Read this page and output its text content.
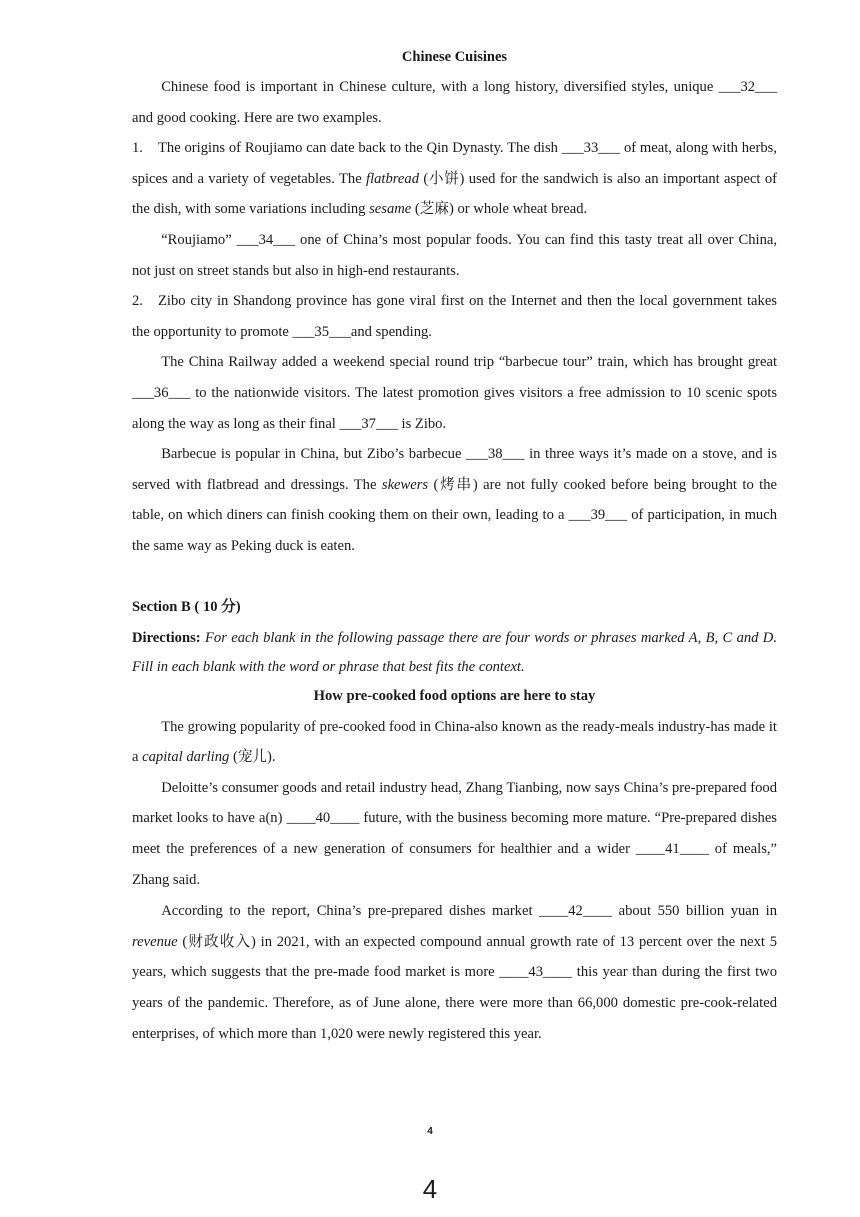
Chinese Cuisines

Chinese food is important in Chinese culture, with a long history, diversified styles, unique ___32___ and good cooking. Here are two examples.

1. The origins of Roujiamo can date back to the Qin Dynasty. The dish ___33___ of meat, along with herbs, spices and a variety of vegetables. The flatbread (小饼) used for the sandwich is also an important aspect of the dish, with some variations including sesame (芝麻) or whole wheat bread.

“Roujiamo” ___34___ one of China’s most popular foods. You can find this tasty treat all over China, not just on street stands but also in high-end restaurants.

2. Zibo city in Shandong province has gone viral first on the Internet and then the local government takes the opportunity to promote ___35___and spending.

The China Railway added a weekend special round trip “barbecue tour” train, which has brought great ___36___ to the nationwide visitors. The latest promotion gives visitors a free admission to 10 scenic spots along the way as long as their final ___37___ is Zibo.

Barbecue is popular in China, but Zibo’s barbecue ___38___ in three ways it’s made on a stove, and is served with flatbread and dressings. The skewers (烤串) are not fully cooked before being brought to the table, on which diners can finish cooking them on their own, leading to a ___39___ of participation, in much the same way as Peking duck is eaten.

Section B ( 10 分)

Directions: For each blank in the following passage there are four words or phrases marked A, B, C and D. Fill in each blank with the word or phrase that best fits the context.

How pre-cooked food options are here to stay

The growing popularity of pre-cooked food in China-also known as the ready-meals industry-has made it a capital darling (宠儿).

Deloitte’s consumer goods and retail industry head, Zhang Tianbing, now says China’s pre-prepared food market looks to have a(n) ____40____ future, with the business becoming more mature. “Pre-prepared dishes meet the preferences of a new generation of consumers for healthier and a wider ____41____ of meals,” Zhang said.

According to the report, China’s pre-prepared dishes market ____42____ about 550 billion yuan in revenue (财政收入) in 2021, with an expected compound annual growth rate of 13 percent over the next 5 years, which suggests that the pre-made food market is more ____43____ this year than during the first two years of the pandemic. Therefore, as of June alone, there were more than 66,000 domestic pre-cook-related enterprises, of which more than 1,020 were newly registered this year.

4
4
